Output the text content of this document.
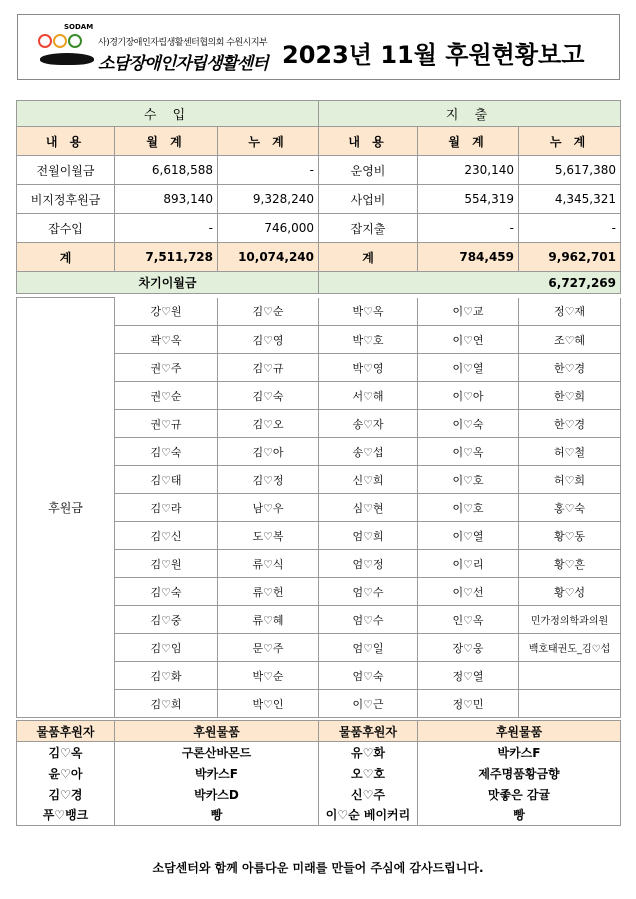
SODAM
사)경기장애인자립생활센터협의회 수원시지부
소담장애인자립생활센터 2023년 11월 후원현황보고
수 입			지 출		
내 용	월 계	누 계	내 용	월 계	누 계
전월이월금	6,618,588	-	운영비	230,140	5,617,380
비지정후원금	893,140	9,328,240	사업비	554,319	4,345,321
잡수입	-	746,000	잡지출	-	-
계	7,511,728	10,074,240	계	784,459	9,962,701
차기이월금			6,727,269		
후원금	강♡원	김♡순	박♡옥	이♡교	정♡재
	곽♡옥	김♡영	박♡호	이♡연	조♡혜
	권♡주	김♡규	박♡영	이♡열	한♡경
	권♡순	김♡숙	서♡해	이♡아	한♡희
	권♡규	김♡오	송♡자	이♡숙	한♡경
	김♡숙	김♡아	송♡섭	이♡옥	허♡철
	김♡태	김♡정	신♡희	이♡호	허♡희
	김♡라	남♡우	심♡현	이♡호	홍♡숙
	김♡신	도♡복	엄♡희	이♡열	황♡동
	김♡원	류♡식	엄♡정	이♡리	황♡흔
	김♡숙	류♡헌	엄♡수	이♡선	황♡성
	김♡중	류♡혜	엄♡수	인♡옥	민가정의학과의원
	김♡임	문♡주	엄♡일	장♡웅	백호태권도_김♡섭
	김♡화	박♡순	엄♡숙	정♡열	
	김♡희	박♡인	이♡근	정♡민	
물품후원자	후원물품	물품후원자	후원물품
김♡옥	구론산바몬드	유♡화	박카스F
윤♡아	박카스F	오♡호	제주명품황금향
김♡경	박카스D	신♡주	맛좋은 감귤
푸♡뱅크	빵	이♡순 베이커리	빵
소담센터와 함께 아름다운 미래를 만들어 주심에 감사드립니다.
